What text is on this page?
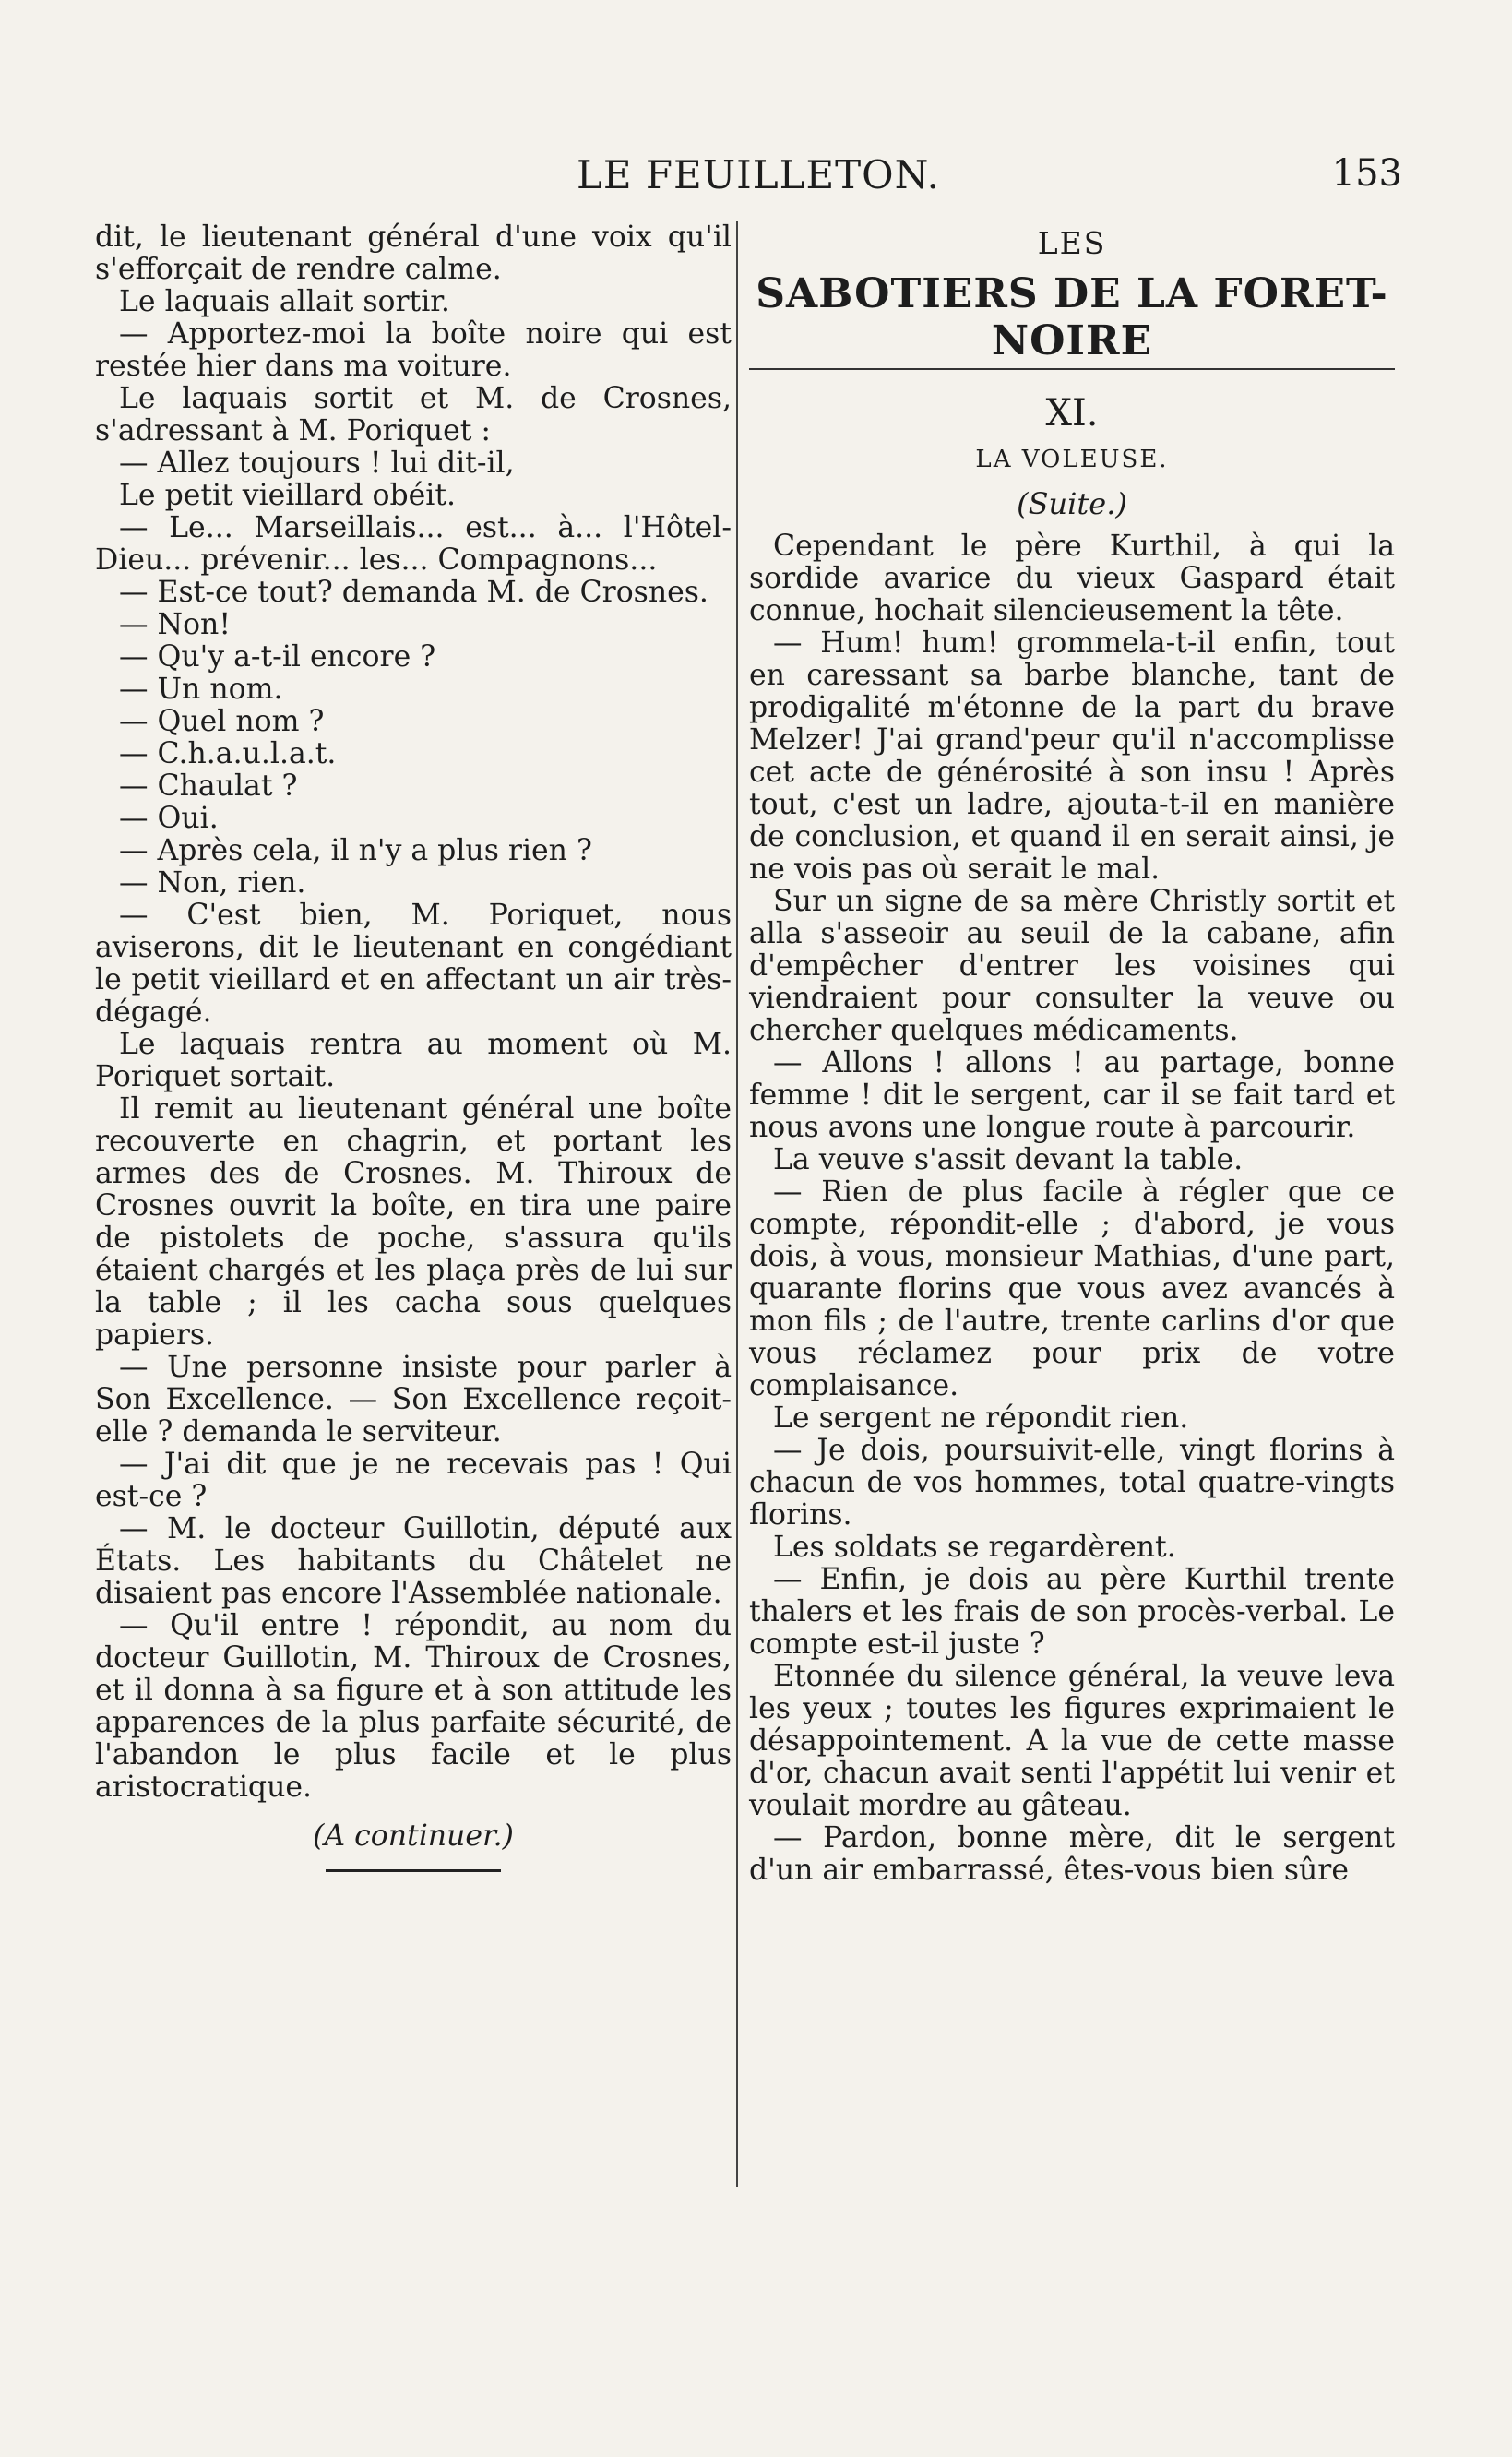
LE FEUILLETON.	153

dit, le lieutenant général d'une voix qu'il s'efforçait de rendre calme.

Le laquais allait sortir.

— Apportez-moi la boîte noire qui est restée hier dans ma voiture.

Le laquais sortit et M. de Crosnes, s'adressant à M. Poriquet :

— Allez toujours ! lui dit-il,

Le petit vieillard obéit.

— Le... Marseillais... est... à... l'Hôtel-Dieu... prévenir... les... Compagnons...

— Est-ce tout? demanda M. de Crosnes.

— Non!

— Qu'y a-t-il encore ?

— Un nom.

— Quel nom ?

— C.h.a.u.l.a.t.

— Chaulat ?

— Oui.

— Après cela, il n'y a plus rien ?

— Non, rien.

— C'est bien, M. Poriquet, nous aviserons, dit le lieutenant en congédiant le petit vieillard et en affectant un air très-dégagé.

Le laquais rentra au moment où M. Poriquet sortait.

Il remit au lieutenant général une boîte recouverte en chagrin, et portant les armes des de Crosnes. M. Thiroux de Crosnes ouvrit la boîte, en tira une paire de pistolets de poche, s'assura qu'ils étaient chargés et les plaça près de lui sur la table ; il les cacha sous quelques papiers.

— Une personne insiste pour parler à Son Excellence. — Son Excellence reçoit-elle ? demanda le serviteur.

— J'ai dit que je ne recevais pas ! Qui est-ce ?

— M. le docteur Guillotin, député aux États. Les habitants du Châtelet ne disaient pas encore l'Assemblée nationale.

— Qu'il entre ! répondit, au nom du docteur Guillotin, M. Thiroux de Crosnes, et il donna à sa figure et à son attitude les apparences de la plus parfaite sécurité, de l'abandon le plus facile et le plus aristocratique.

(A continuer.)

LES
SABOTIERS DE LA FORET-NOIRE
XI.
LA VOLEUSE.
(Suite.)

Cependant le père Kurthil, à qui la sordide avarice du vieux Gaspard était connue, hochait silencieusement la tête.

— Hum! hum! grommela-t-il enfin, tout en caressant sa barbe blanche, tant de prodigalité m'étonne de la part du brave Melzer! J'ai grand'peur qu'il n'accomplisse cet acte de générosité à son insu ! Après tout, c'est un ladre, ajouta-t-il en manière de conclusion, et quand il en serait ainsi, je ne vois pas où serait le mal.

Sur un signe de sa mère Christly sortit et alla s'asseoir au seuil de la cabane, afin d'empêcher d'entrer les voisines qui viendraient pour consulter la veuve ou chercher quelques médicaments.

— Allons ! allons ! au partage, bonne femme ! dit le sergent, car il se fait tard et nous avons une longue route à parcourir.

La veuve s'assit devant la table.

— Rien de plus facile à régler que ce compte, répondit-elle ; d'abord, je vous dois, à vous, monsieur Mathias, d'une part, quarante florins que vous avez avancés à mon fils ; de l'autre, trente carlins d'or que vous réclamez pour prix de votre complaisance.

Le sergent ne répondit rien.

— Je dois, poursuivit-elle, vingt florins à chacun de vos hommes, total quatre-vingts florins.

Les soldats se regardèrent.

— Enfin, je dois au père Kurthil trente thalers et les frais de son procès-verbal. Le compte est-il juste ?

Etonnée du silence général, la veuve leva les yeux ; toutes les figures exprimaient le désappointement. A la vue de cette masse d'or, chacun avait senti l'appétit lui venir et voulait mordre au gâteau.

— Pardon, bonne mère, dit le sergent d'un air embarrassé, êtes-vous bien sûre
